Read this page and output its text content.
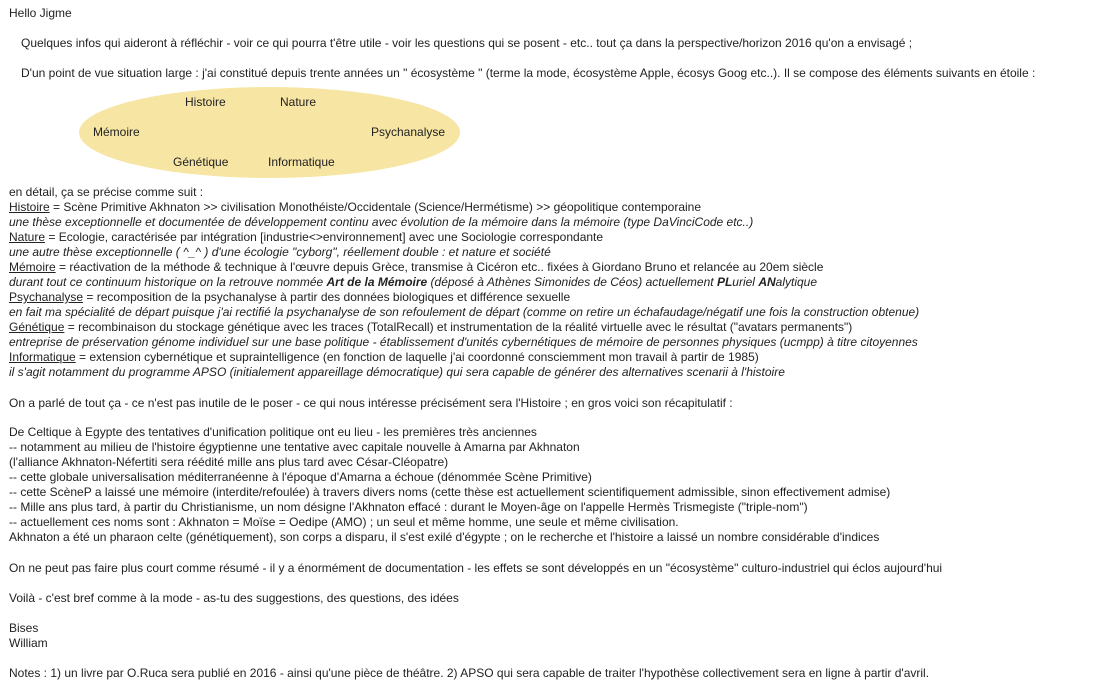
Hello Jigme
Quelques infos qui aideront à réfléchir - voir ce qui pourra t'être utile - voir les questions qui se posent - etc.. tout ça dans la perspective/horizon 2016 qu'on a envisagé ;
D'un point de vue situation large : j'ai constitué depuis trente années un " écosystème " (terme la mode, écosystème Apple, écosys Goog etc..). Il se compose des éléments suivants en étoile :
Histoire	Nature
Mémoire	Psychanalyse
Génétique	Informatique
en détail, ça se précise comme suit :
Histoire = Scène Primitive Akhnaton >> civilisation Monothéiste/Occidentale (Science/Hermétisme) >> géopolitique contemporaine
une thèse exceptionnelle et documentée de développement continu avec évolution de la mémoire dans la mémoire (type DaVinciCode etc..)
Nature = Ecologie, caractérisée par intégration [industrie<>environnement] avec une Sociologie correspondante
une autre thèse exceptionnelle ( ^_^ ) d'une écologie "cyborg", réellement double : et nature et société
Mémoire = réactivation de la méthode & technique à l'œuvre depuis Grèce, transmise à Cicéron etc.. fixées à Giordano Bruno et relancée au 20em siècle
durant tout ce continuum historique on la retrouve nommée Art de la Mémoire (déposé à Athènes Simonides de Céos) actuellement PLuriel ANalytique
Psychanalyse = recomposition de la psychanalyse à partir des données biologiques et différence sexuelle
en fait ma spécialité de départ puisque j'ai rectifié la psychanalyse de son refoulement de départ (comme on retire un échafaudage/négatif une fois la construction obtenue)
Génétique = recombinaison du stockage génétique avec les traces (TotalRecall) et instrumentation de la réalité virtuelle avec le résultat ("avatars permanents")
entreprise de préservation génome individuel sur une base politique - établissement d'unités cybernétiques de mémoire de personnes physiques (ucmpp) à titre citoyennes
Informatique = extension cybernétique et supraintelligence (en fonction de laquelle j'ai coordonné consciemment mon travail à partir de 1985)
il s'agit notamment du programme APSO (initialement appareillage démocratique) qui sera capable de générer des alternatives scenarii à l'histoire
On a parlé de tout ça - ce n'est pas inutile de le poser - ce qui nous intéresse précisément sera l'Histoire ; en gros voici son récapitulatif :
De Celtique à Egypte des tentatives d'unification politique ont eu lieu - les premières très anciennes
-- notamment au milieu de l'histoire égyptienne une tentative avec capitale nouvelle à Amarna par Akhnaton
(l'alliance Akhnaton-Néfertiti sera réédité mille ans plus tard avec César-Cléopatre)
-- cette globale universalisation méditerranéenne à l'époque d'Amarna a échoue (dénommée Scène Primitive)
-- cette ScèneP a laissé une mémoire (interdite/refoulée) à travers divers noms (cette thèse est actuellement scientifiquement admissible, sinon effectivement admise)
-- Mille ans plus tard, à partir du Christianisme, un nom désigne l'Akhnaton effacé : durant le Moyen-âge on l'appelle Hermès Trismegiste ("triple-nom")
-- actuellement ces noms sont : Akhnaton = Moïse = Oedipe (AMO) ; un seul et même homme, une seule et même civilisation.
Akhnaton a été un pharaon celte (génétiquement), son corps a disparu, il s'est exilé d'égypte ; on le recherche et l'histoire a laissé un nombre considérable d'indices
On ne peut pas faire plus court comme résumé - il y a énormément de documentation - les effets se sont développés en un "écosystème" culturo-industriel qui éclos aujourd'hui
Voilà - c'est bref comme à la mode - as-tu des suggestions, des questions, des idées
Bises
William
Notes : 1) un livre par O.Ruca sera publié en 2016 - ainsi qu'une pièce de théâtre. 2) APSO qui sera capable de traiter l'hypothèse collectivement sera en ligne à partir d'avril.
